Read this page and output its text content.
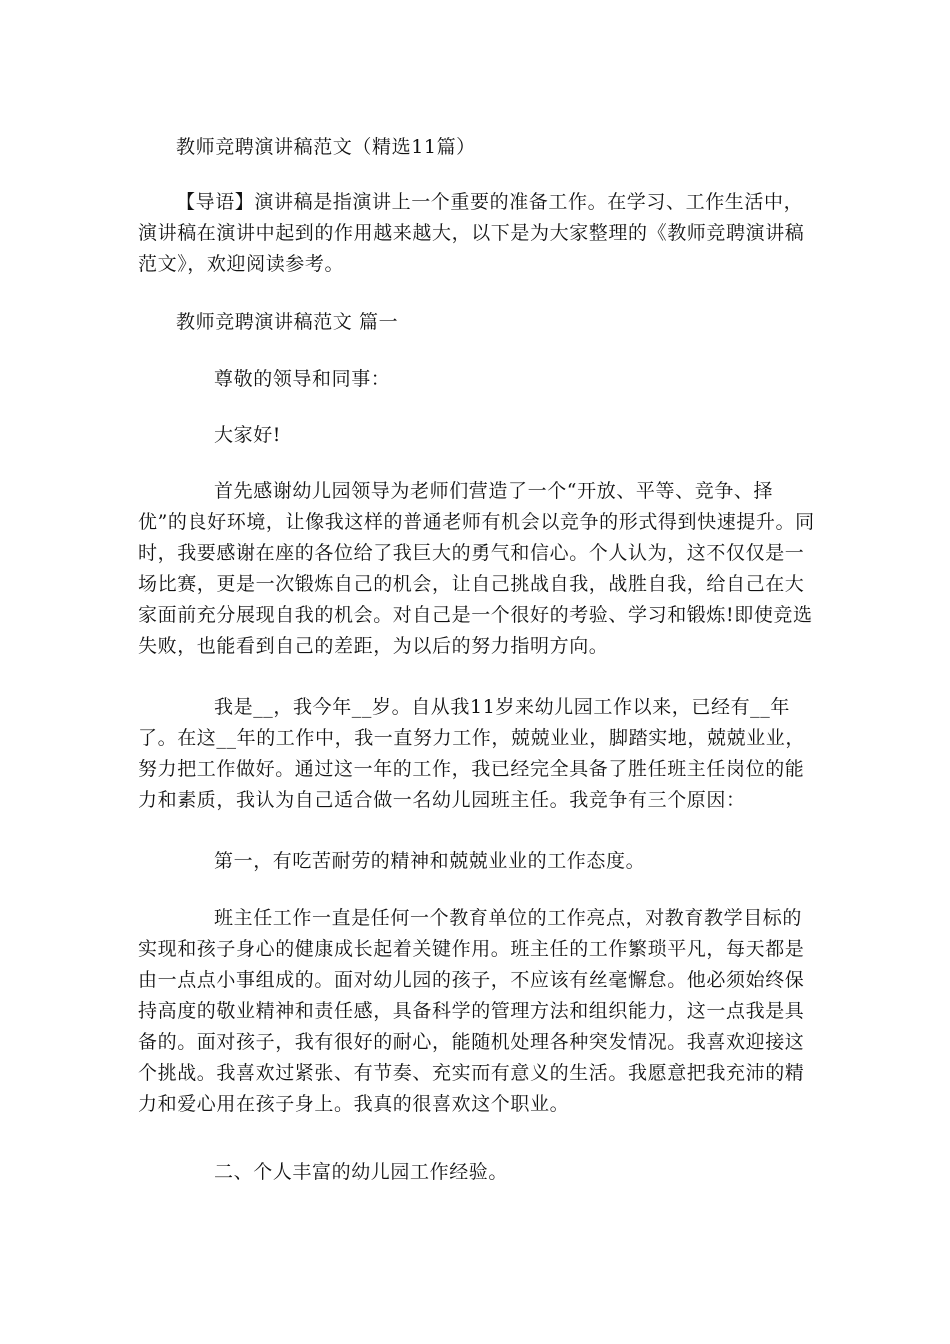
教师竞聘演讲稿范文（精选11篇）

【导语】演讲稿是指演讲上一个重要的准备工作。在学习、工作生活中，演讲稿在演讲中起到的作用越来越大，以下是为大家整理的《教师竞聘演讲稿范文》，欢迎阅读参考。

教师竞聘演讲稿范文 篇一

尊敬的领导和同事：

大家好!

首先感谢幼儿园领导为老师们营造了一个“开放、平等、竞争、择优”的良好环境，让像我这样的普通老师有机会以竞争的形式得到快速提升。同时，我要感谢在座的各位给了我巨大的勇气和信心。个人认为，这不仅仅是一场比赛，更是一次锻炼自己的机会，让自己挑战自我，战胜自我，给自己在大家面前充分展现自我的机会。对自己是一个很好的考验、学习和锻炼!即使竞选失败，也能看到自己的差距，为以后的努力指明方向。

我是__，我今年__岁。自从我11岁来幼儿园工作以来，已经有__年了。在这__年的工作中，我一直努力工作，兢兢业业，脚踏实地，兢兢业业，努力把工作做好。通过这一年的工作，我已经完全具备了胜任班主任岗位的能力和素质，我认为自己适合做一名幼儿园班主任。我竞争有三个原因：

第一，有吃苦耐劳的精神和兢兢业业的工作态度。

班主任工作一直是任何一个教育单位的工作亮点，对教育教学目标的实现和孩子身心的健康成长起着关键作用。班主任的工作繁琐平凡，每天都是由一点点小事组成的。面对幼儿园的孩子，不应该有丝毫懈怠。他必须始终保持高度的敬业精神和责任感，具备科学的管理方法和组织能力，这一点我是具备的。面对孩子，我有很好的耐心，能随机处理各种突发情况。我喜欢迎接这个挑战。我喜欢过紧张、有节奏、充实而有意义的生活。我愿意把我充沛的精力和爱心用在孩子身上。我真的很喜欢这个职业。

二、个人丰富的幼儿园工作经验。
